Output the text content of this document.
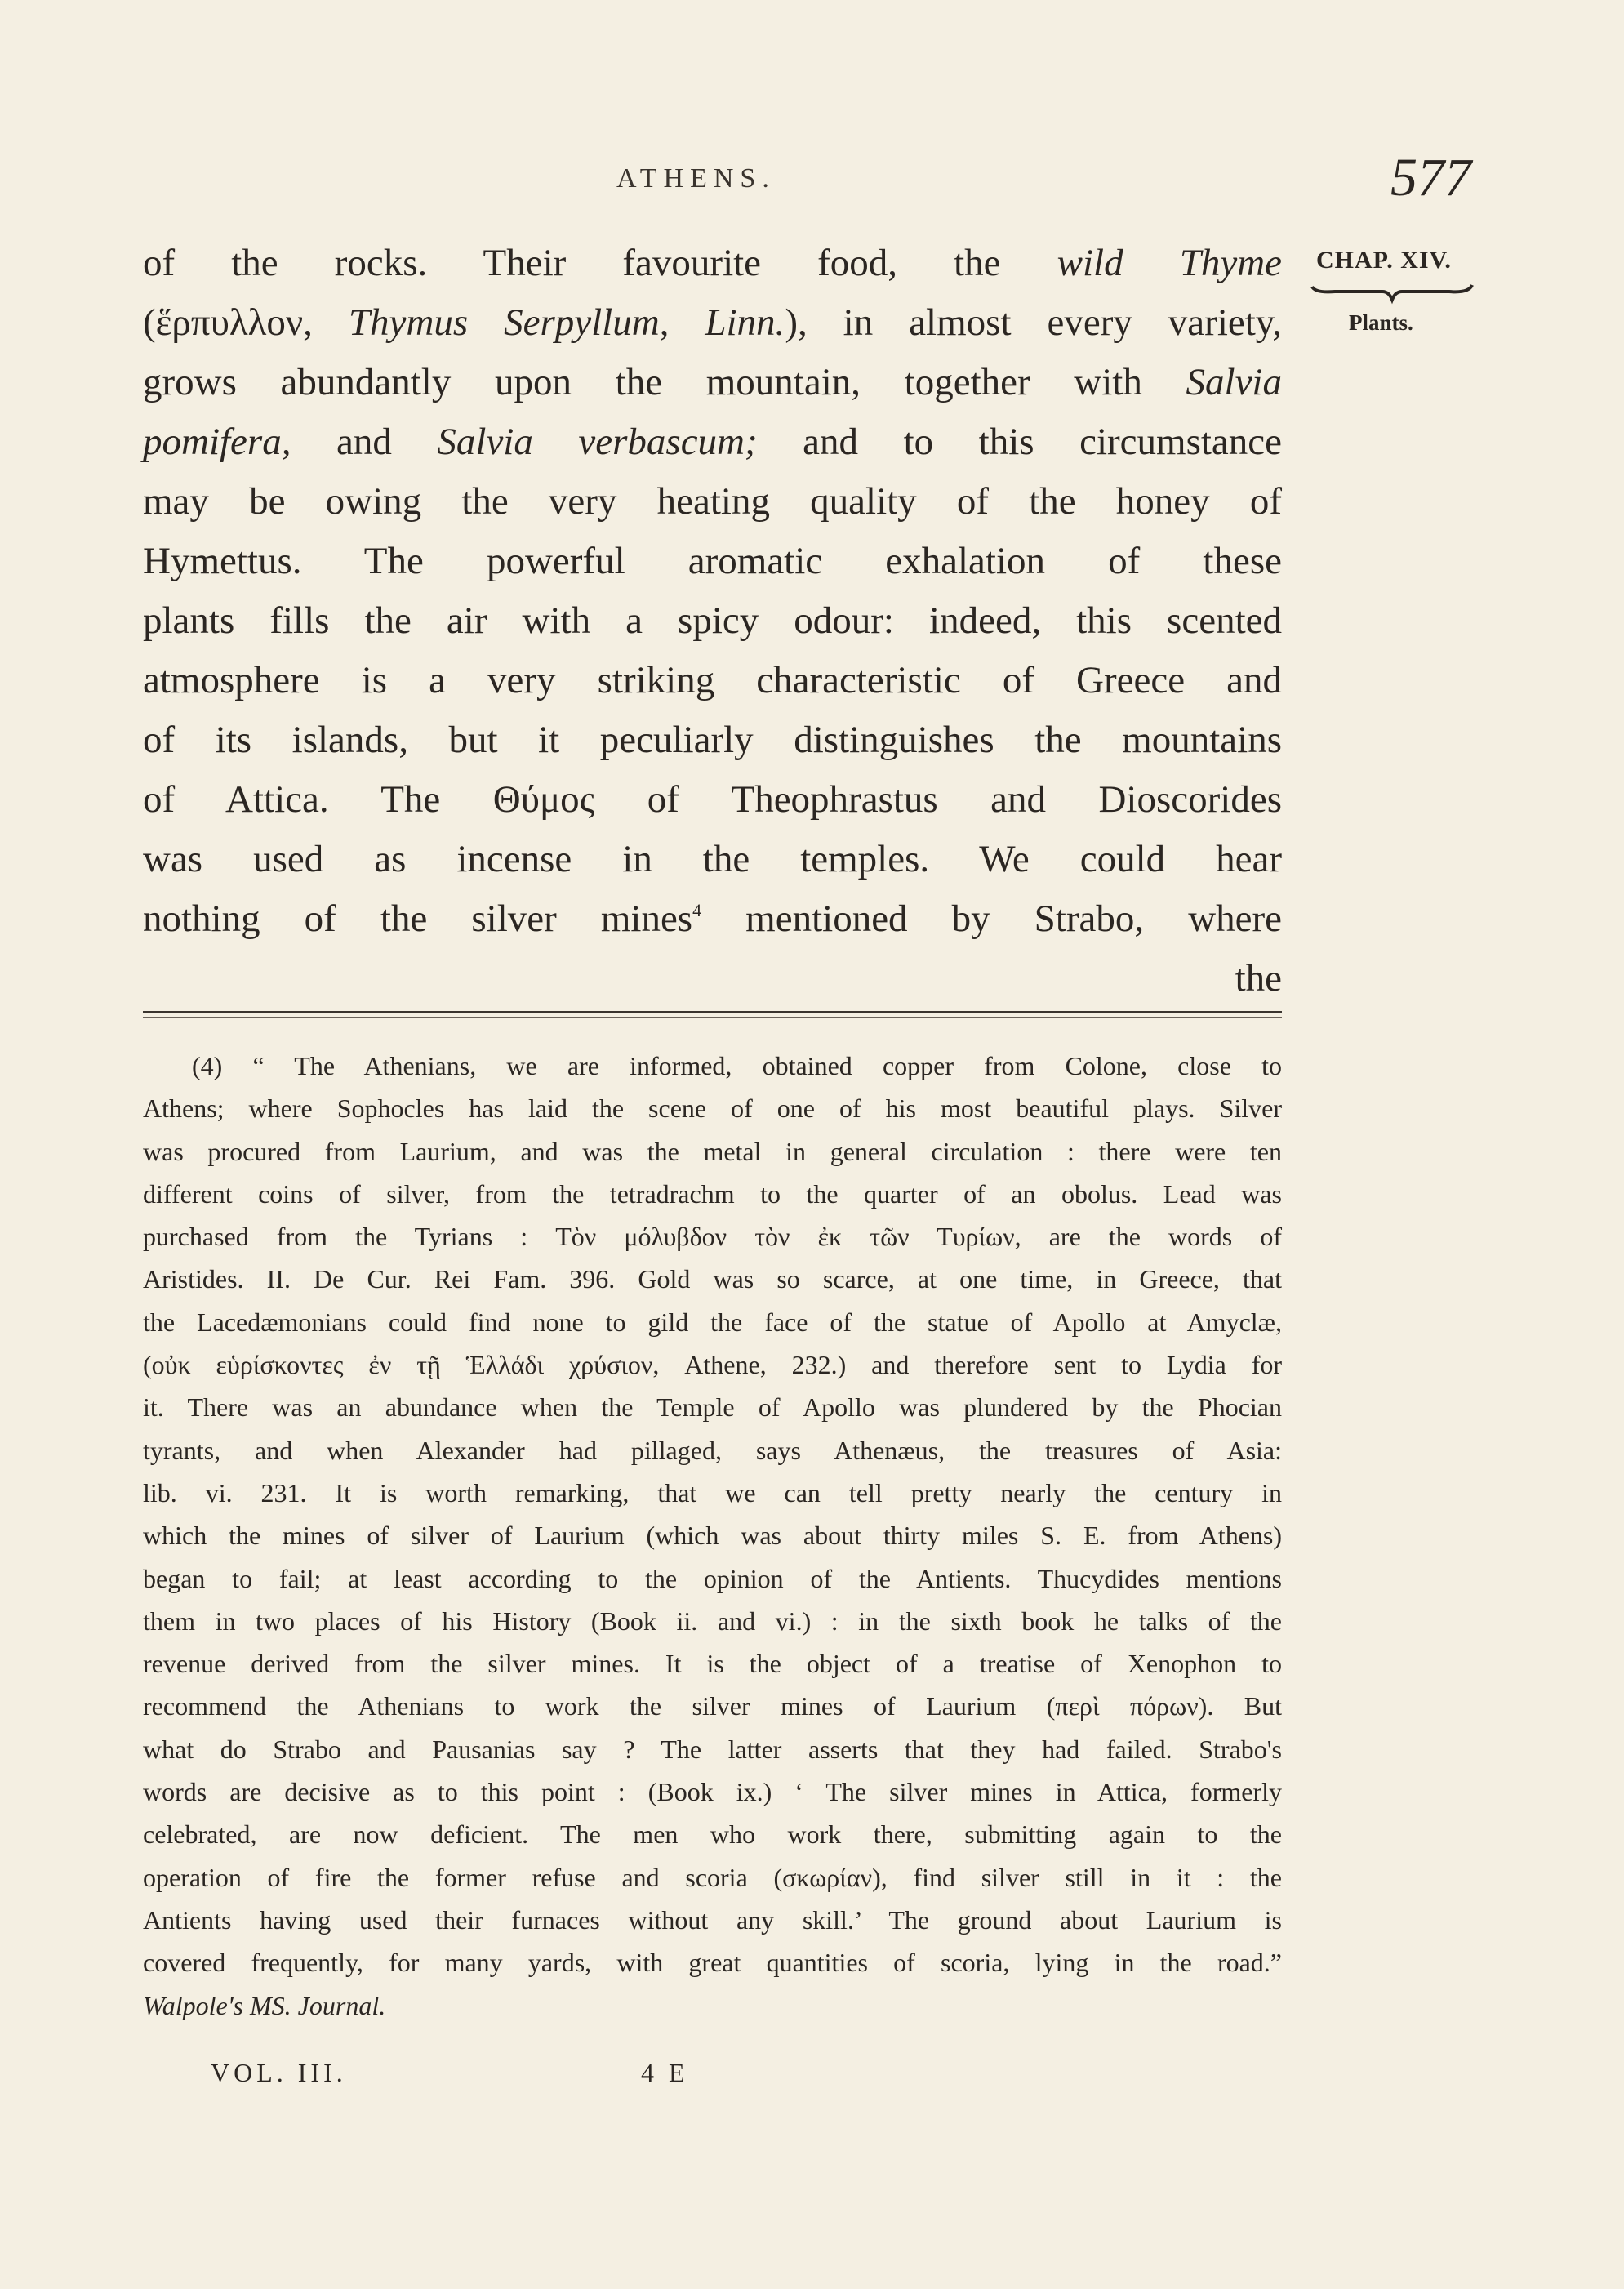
ATHENS.	577
CHAP. XIV.
Plants.
of the rocks. Their favourite food, the wild Thyme
(ἕρπυλλον, Thymus Serpyllum, Linn.), in almost every variety,
grows abundantly upon the mountain, together with Salvia
pomifera, and Salvia verbascum; and to this circumstance
may be owing the very heating quality of the honey of
Hymettus. The powerful aromatic exhalation of these
plants fills the air with a spicy odour: indeed, this scented
atmosphere is a very striking characteristic of Greece and
of its islands, but it peculiarly distinguishes the mountains
of Attica. The Θύμος of Theophrastus and Dioscorides
was used as incense in the temples. We could hear
nothing of the silver mines$^4$ mentioned by Strabo, where
the
(4) “ The Athenians, we are informed, obtained copper from Colone, close to
Athens; where Sophocles has laid the scene of one of his most beautiful plays. Silver
was procured from Laurium, and was the metal in general circulation : there were ten
different coins of silver, from the tetradrachm to the quarter of an obolus. Lead was
purchased from the Tyrians : Τὸν μόλυβδον τὸν ἐκ τῶν Τυρίων, are the words of
Aristides. II. De Cur. Rei Fam. 396. Gold was so scarce, at one time, in Greece, that
the Lacedæmonians could find none to gild the face of the statue of Apollo at Amyclæ,
(οὐκ εὑρίσκοντες ἐν τῇ Ἑλλάδι χρύσιον, Athene, 232.) and therefore sent to Lydia for
it. There was an abundance when the Temple of Apollo was plundered by the Phocian
tyrants, and when Alexander had pillaged, says Athenæus, the treasures of Asia:
lib. vi. 231. It is worth remarking, that we can tell pretty nearly the century in
which the mines of silver of Laurium (which was about thirty miles S. E. from Athens)
began to fail; at least according to the opinion of the Antients. Thucydides mentions
them in two places of his History (Book ii. and vi.) : in the sixth book he talks of the
revenue derived from the silver mines. It is the object of a treatise of Xenophon to
recommend the Athenians to work the silver mines of Laurium (περὶ πόρων). But
what do Strabo and Pausanias say ? The latter asserts that they had failed. Strabo's
words are decisive as to this point : (Book ix.) ‘ The silver mines in Attica, formerly
celebrated, are now deficient. The men who work there, submitting again to the
operation of fire the former refuse and scoria (σκωρίαν), find silver still in it : the
Antients having used their furnaces without any skill.’ The ground about Laurium is
covered frequently, for many yards, with great quantities of scoria, lying in the road.”
Walpole's MS. Journal.
VOL. III.	4 E
